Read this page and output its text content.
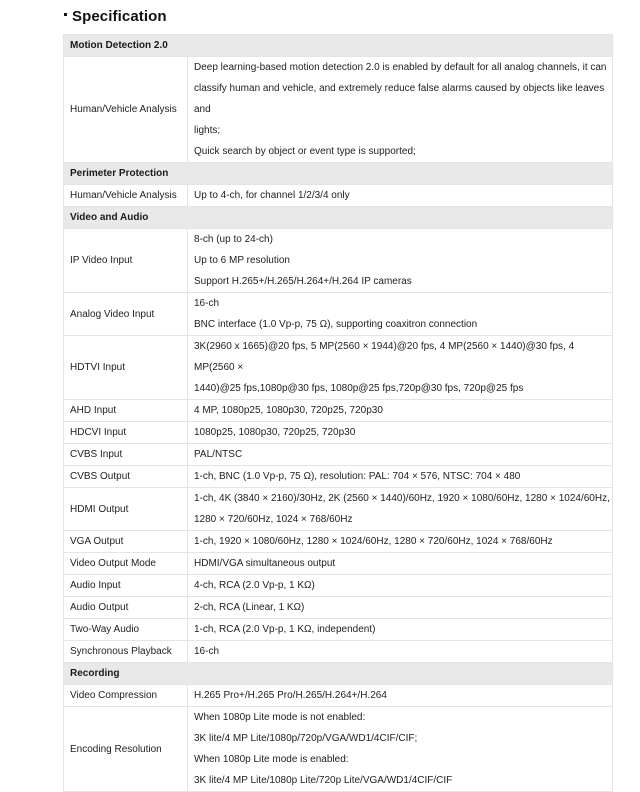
Specification
Motion Detection 2.0	
Human/Vehicle Analysis	Deep learning-based motion detection 2.0 is enabled by default for all analog channels, it can
classify human and vehicle, and extremely reduce false alarms caused by objects like leaves and
lights;
Quick search by object or event type is supported;

Perimeter Protection	
Human/Vehicle Analysis	Up to 4-ch, for channel 1/2/3/4 only

Video and Audio	
IP Video Input	8-ch (up to 24-ch)
Up to 6 MP resolution
Support H.265+/H.265/H.264+/H.264 IP cameras

Analog Video Input	16-ch
BNC interface (1.0 Vp-p, 75 Ω), supporting coaxitron connection

HDTVI Input	3K(2960 x 1665)@20 fps, 5 MP(2560 × 1944)@20 fps, 4 MP(2560 × 1440)@30 fps, 4 MP(2560 ×
1440)@25 fps,1080p@30 fps, 1080p@25 fps,720p@30 fps, 720p@25 fps

AHD Input	4 MP, 1080p25, 1080p30, 720p25, 720p30

HDCVI Input	1080p25, 1080p30, 720p25, 720p30

CVBS Input	PAL/NTSC

CVBS Output	1-ch, BNC (1.0 Vp-p, 75 Ω), resolution: PAL: 704 × 576, NTSC: 704 × 480

HDMI Output	1-ch, 4K (3840 × 2160)/30Hz, 2K (2560 × 1440)/60Hz, 1920 × 1080/60Hz, 1280 × 1024/60Hz,
1280 × 720/60Hz, 1024 × 768/60Hz

VGA Output	1-ch, 1920 × 1080/60Hz, 1280 × 1024/60Hz, 1280 × 720/60Hz, 1024 × 768/60Hz

Video Output Mode	HDMI/VGA simultaneous output

Audio Input	4-ch, RCA (2.0 Vp-p, 1 KΩ)

Audio Output	2-ch, RCA (Linear, 1 KΩ)

Two-Way Audio	1-ch, RCA (2.0 Vp-p, 1 KΩ, independent)

Synchronous Playback	16-ch

Recording	
Video Compression	H.265 Pro+/H.265 Pro/H.265/H.264+/H.264

Encoding Resolution	When 1080p Lite mode is not enabled:
3K lite/4 MP Lite/1080p/720p/VGA/WD1/4CIF/CIF;
When 1080p Lite mode is enabled:
3K lite/4 MP Lite/1080p Lite/720p Lite/VGA/WD1/4CIF/CIF
